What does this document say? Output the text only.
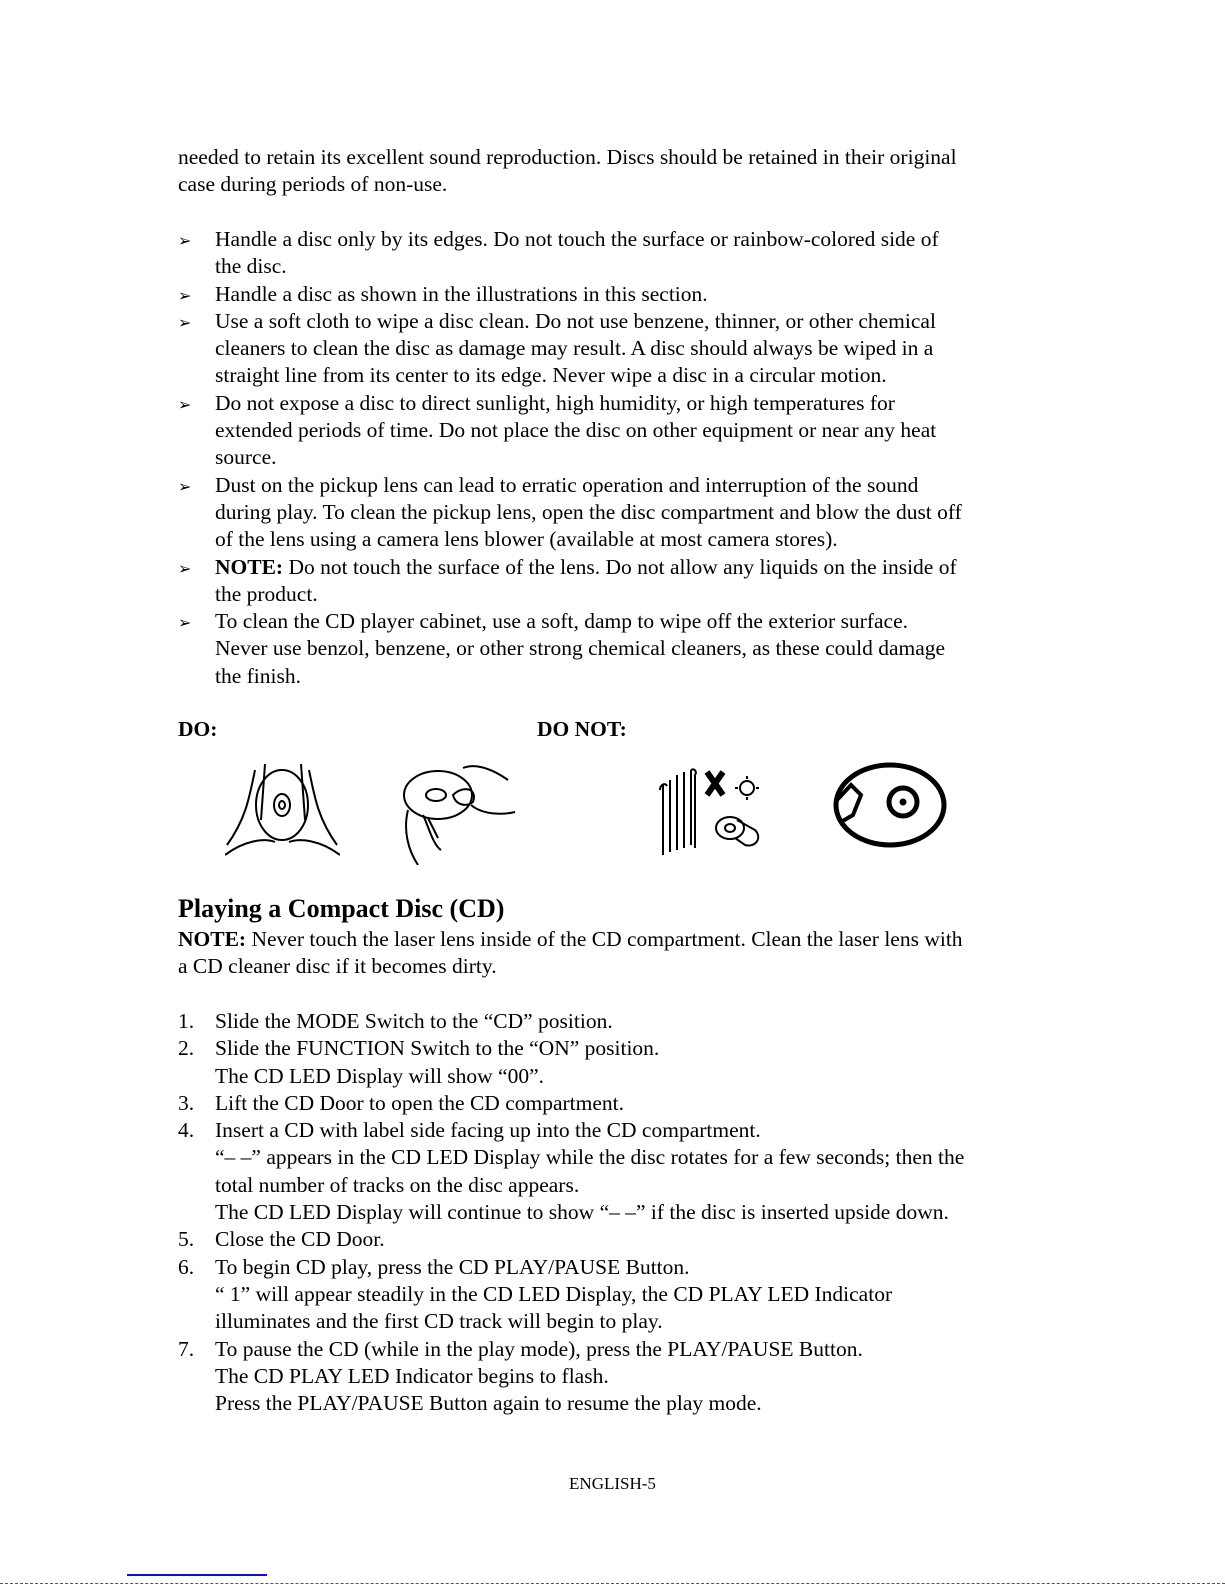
needed to retain its excellent sound reproduction. Discs should be retained in their original
case during periods of non-use.
➢ Handle a disc only by its edges. Do not touch the surface or rainbow-colored side of
the disc.
➢ Handle a disc as shown in the illustrations in this section.
➢ Use a soft cloth to wipe a disc clean. Do not use benzene, thinner, or other chemical
cleaners to clean the disc as damage may result. A disc should always be wiped in a
straight line from its center to its edge. Never wipe a disc in a circular motion.
➢ Do not expose a disc to direct sunlight, high humidity, or high temperatures for
extended periods of time. Do not place the disc on other equipment or near any heat
source.
➢ Dust on the pickup lens can lead to erratic operation and interruption of the sound
during play. To clean the pickup lens, open the disc compartment and blow the dust off
of the lens using a camera lens blower (available at most camera stores).
➢ NOTE: Do not touch the surface of the lens. Do not allow any liquids on the inside of
the product.
➢ To clean the CD player cabinet, use a soft, damp to wipe off the exterior surface.
Never use benzol, benzene, or other strong chemical cleaners, as these could damage
the finish.
DO:	DO NOT:
Playing a Compact Disc (CD)
NOTE: Never touch the laser lens inside of the CD compartment. Clean the laser lens with
a CD cleaner disc if it becomes dirty.
1. Slide the MODE Switch to the “CD” position.
2. Slide the FUNCTION Switch to the “ON” position.
The CD LED Display will show “00”.
3. Lift the CD Door to open the CD compartment.
4. Insert a CD with label side facing up into the CD compartment.
“– –” appears in the CD LED Display while the disc rotates for a few seconds; then the
total number of tracks on the disc appears.
The CD LED Display will continue to show “– –” if the disc is inserted upside down.
5. Close the CD Door.
6. To begin CD play, press the CD PLAY/PAUSE Button.
“ 1” will appear steadily in the CD LED Display, the CD PLAY LED Indicator
illuminates and the first CD track will begin to play.
7. To pause the CD (while in the play mode), press the PLAY/PAUSE Button.
The CD PLAY LED Indicator begins to flash.
Press the PLAY/PAUSE Button again to resume the play mode.
ENGLISH-5
